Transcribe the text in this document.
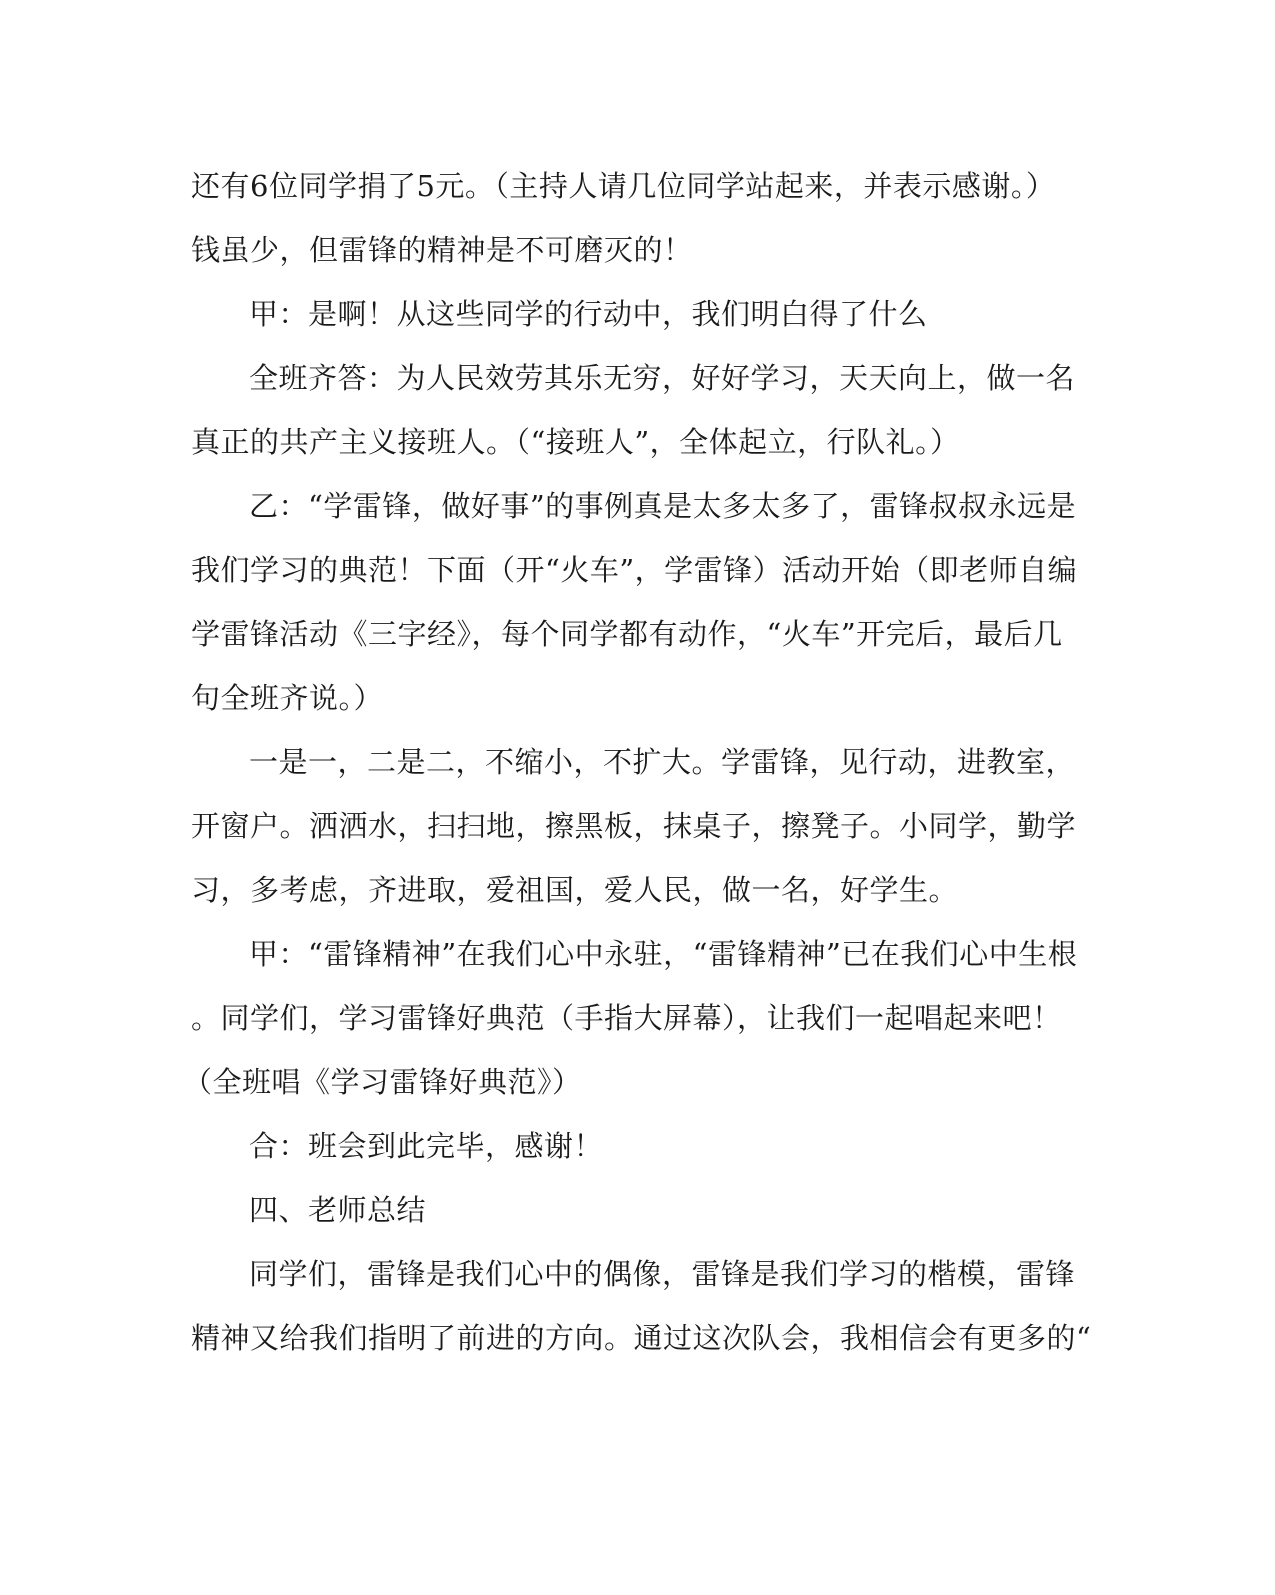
还有6位同学捐了5元。（主持人请几位同学站起来，并表示感谢。）

钱虽少，但雷锋的精神是不可磨灭的！

甲：是啊！从这些同学的行动中，我们明白得了什么

全班齐答：为人民效劳其乐无穷，好好学习，天天向上，做一名

真正的共产主义接班人。（“接班人”，全体起立，行队礼。）

乙：“学雷锋，做好事”的事例真是太多太多了，雷锋叔叔永远是

我们学习的典范！下面（开“火车”，学雷锋）活动开始（即老师自编

学雷锋活动《三字经》，每个同学都有动作，“火车”开完后，最后几

句全班齐说。）

一是一，二是二，不缩小，不扩大。学雷锋，见行动，进教室，

开窗户。洒洒水，扫扫地，擦黑板，抹桌子，擦凳子。小同学，勤学

习，多考虑，齐进取，爱祖国，爱人民，做一名，好学生。

甲：“雷锋精神”在我们心中永驻，“雷锋精神”已在我们心中生根

。同学们，学习雷锋好典范（手指大屏幕），让我们一起唱起来吧！

（全班唱《学习雷锋好典范》）

合：班会到此完毕，感谢！

四、老师总结

同学们，雷锋是我们心中的偶像，雷锋是我们学习的楷模，雷锋

精神又给我们指明了前进的方向。通过这次队会，我相信会有更多的“
